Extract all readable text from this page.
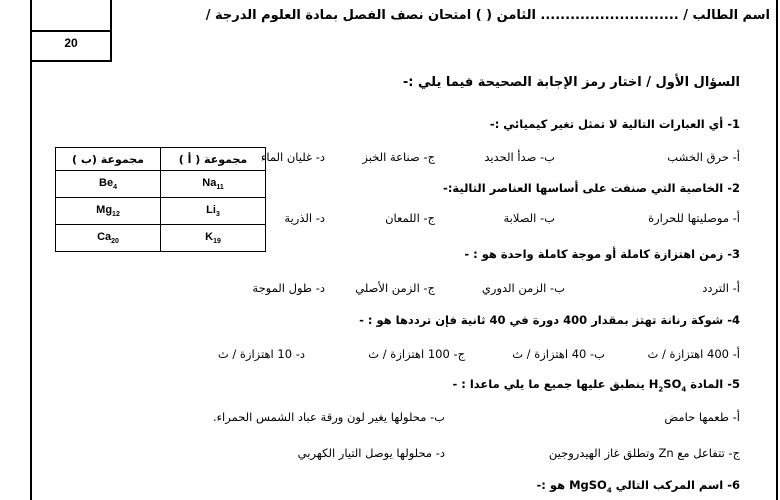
20
اسم الطالب / ............................ الثامن ( ) امتحان نصف الفصل بمادة العلوم الدرجة /
السؤال الأول / اختار رمز الإجابة الصحيحة فيما يلي :-
1- أي العبارات التالية لا تمثل تغير كيميائي :-
أ- حرق الخشب
ب- صدأ الحديد
ج- صناعة الخبز
د- غليان الماء
2- الخاصية التي صنفت على أساسها العناصر التالية:-
أ- موصليتها للحرارة
ب- الصلابة
ج- اللمعان
د- الذرية
3- زمن اهتزازة كاملة أو موجة كاملة واحدة هو : -
أ- التردد
ب- الزمن الدوري
ج- الزمن الأصلي
د- طول الموجة
4- شوكة رنانة تهتز بمقدار 400 دورة في 40 ثانية فإن ترددها هو : -
أ- 400 اهتزازة / ث
ب- 40 اهتزازة / ث
ج- 100 اهتزازة / ث
د- 10 اهتزازة / ث
5- المادة $H_2SO_4$ ينطبق عليها جميع ما يلي ماعدا : -
أ- طعمها حامض
ب- محلولها يغير لون ورقة عباد الشمس الحمراء.
ج- تتفاعل مع Zn وتطلق غاز الهيدروجين
د- محلولها يوصل التيار الكهربي
6- اسم المركب التالي MgSO$_4$ هو :-
مجموعة ( أ )	مجموعة (ب )
$Na_{11}$	$Be_4$
$Li_3$	$Mg_{12}$
$K_{19}$	$Ca_{20}$
